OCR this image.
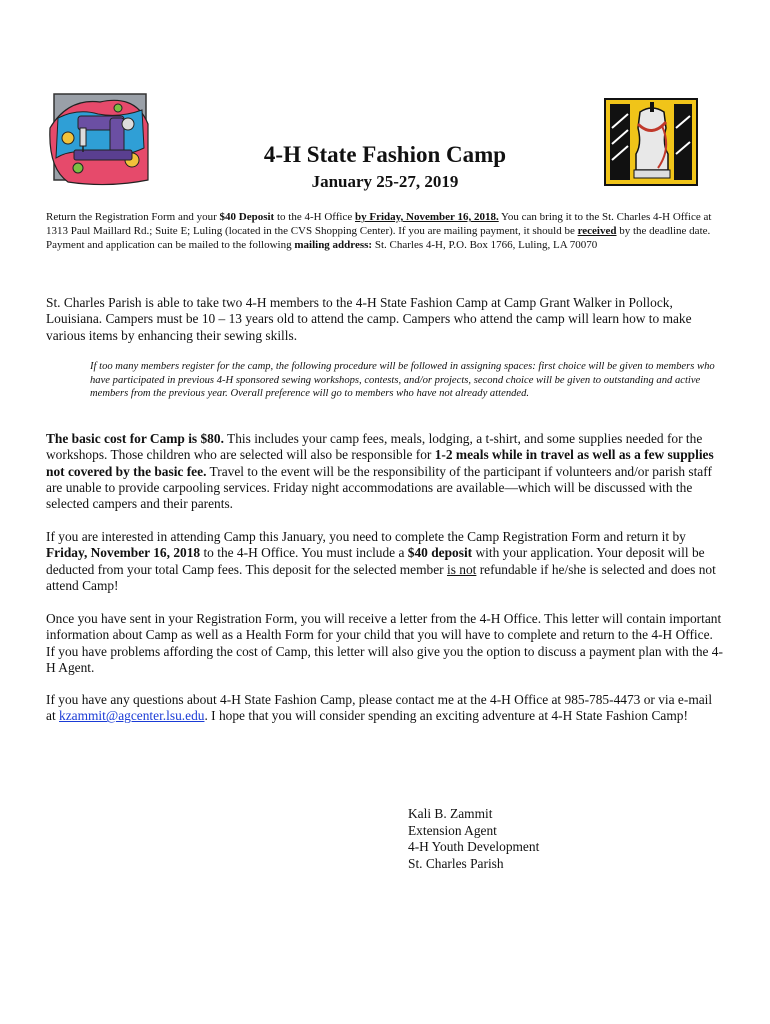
4-H State Fashion Camp
January 25-27, 2019
Return the Registration Form and your $40 Deposit to the 4-H Office by Friday, November 16, 2018. You can bring it to the St. Charles 4-H Office at 1313 Paul Maillard Rd.; Suite E; Luling (located in the CVS Shopping Center). If you are mailing payment, it should be received by the deadline date. Payment and application can be mailed to the following mailing address: St. Charles 4-H, P.O. Box 1766, Luling, LA 70070
St. Charles Parish is able to take two 4-H members to the 4-H State Fashion Camp at Camp Grant Walker in Pollock, Louisiana. Campers must be 10 – 13 years old to attend the camp. Campers who attend the camp will learn how to make various items by enhancing their sewing skills.
If too many members register for the camp, the following procedure will be followed in assigning spaces: first choice will be given to members who have participated in previous 4-H sponsored sewing workshops, contests, and/or projects, second choice will be given to outstanding and active members from the previous year. Overall preference will go to members who have not already attended.
The basic cost for Camp is $80. This includes your camp fees, meals, lodging, a t-shirt, and some supplies needed for the workshops. Those children who are selected will also be responsible for 1-2 meals while in travel as well as a few supplies not covered by the basic fee. Travel to the event will be the responsibility of the participant if volunteers and/or parish staff are unable to provide carpooling services. Friday night accommodations are available—which will be discussed with the selected campers and their parents.
If you are interested in attending Camp this January, you need to complete the Camp Registration Form and return it by Friday, November 16, 2018 to the 4-H Office. You must include a $40 deposit with your application. Your deposit will be deducted from your total Camp fees. This deposit for the selected member is not refundable if he/she is selected and does not attend Camp!
Once you have sent in your Registration Form, you will receive a letter from the 4-H Office. This letter will contain important information about Camp as well as a Health Form for your child that you will have to complete and return to the 4-H Office. If you have problems affording the cost of Camp, this letter will also give you the option to discuss a payment plan with the 4-H Agent.
If you have any questions about 4-H State Fashion Camp, please contact me at the 4-H Office at 985-785-4473 or via e-mail at kzammit@agcenter.lsu.edu. I hope that you will consider spending an exciting adventure at 4-H State Fashion Camp!
Kali B. Zammit
Extension Agent
4-H Youth Development
St. Charles Parish
